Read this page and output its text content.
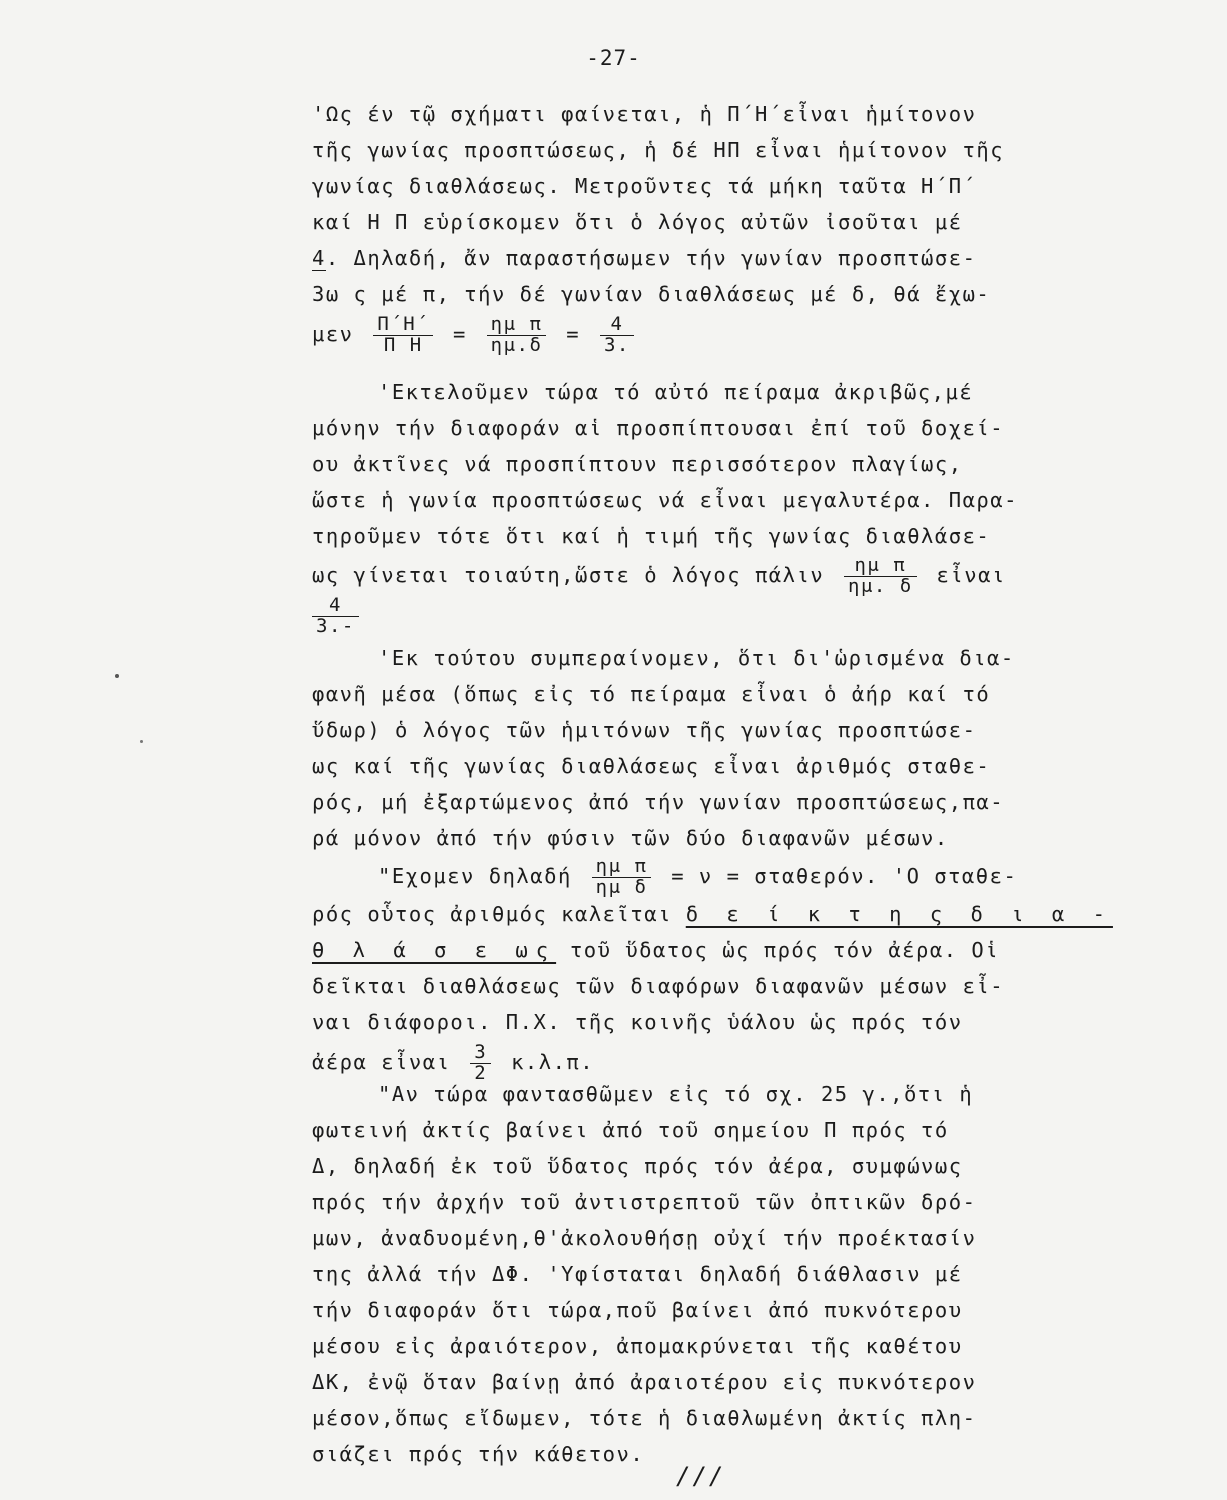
-27-
'Ως έν τῷ σχήματι φαίνεται, ἡ Π΄Η΄εἶναι ἡμίτονον
τῆς γωνίας προσπτώσεως, ἡ δέ ΗΠ εἶναι ἡμίτονον τῆς
γωνίας διαθλάσεως. Μετροῦντες τά μήκη ταῦτα Η΄Π΄
καί Η Π εὑρίσκομεν ὅτι ὁ λόγος αὐτῶν ἰσοῦται μέ
4. Δηλαδή, ἄν παραστήσωμεν τήν γωνίαν προσπτώσε-
3ω ς μέ π, τήν δέ γωνίαν διαθλάσεως μέ δ, θά ἔχω-
μεν $\frac{\Pi΄H΄}{\text{Π Η}} = \frac{\text{ημ π}}{\eta\mu.\delta} = \frac{4}{3.}$
'Εκτελοῦμεν τώρα τό αὐτό πείραμα ἀκριβῶς,μέ
μόνην τήν διαφοράν αἱ προσπίπτουσαι ἐπί τοῦ δοχεί-
ου ἀκτῖνες νά προσπίπτουν περισσότερον πλαγίως,
ὥστε ἡ γωνία προσπτώσεως νά εἶναι μεγαλυτέρα. Παρα-
τηροῦμεν τότε ὅτι καί ἡ τιμή τῆς γωνίας διαθλάσε-
ως γίνεται τοιαύτη,ὥστε ὁ λόγος πάλιν $\frac{\text{ημ π}}{\eta\mu. \delta}$ εἶναι
$\frac{4}{3.-}$
'Εκ τούτου συμπεραίνομεν, ὅτι δι'ὡρισμένα δια-
φανῆ μέσα (ὅπως εἰς τό πείραμα εἶναι ὁ ἀήρ καί τό
ὕδωρ) ὁ λόγος τῶν ἡμιτόνων τῆς γωνίας προσπτώσε-
ως καί τῆς γωνίας διαθλάσεως εἶναι ἀριθμός σταθε-
ρός, μή ἐξαρτώμενος ἀπό τήν γωνίαν προσπτώσεως,πα-
ρά μόνον ἀπό τήν φύσιν τῶν δύο διαφανῶν μέσων.
"Εχομεν δηλαδή $\frac{\text{ημ π}}{\text{ημ δ}} = \nu = \sigma\tau\alpha\theta\varepsilon\rho ό\nu$. 'Ο σταθε-
ρός οὗτος ἀριθμός καλεῖται δ ε ί κ τ η ς δ ι α -
θ λ ά σ ε ως τοῦ ὕδατος ὡς πρός τόν ἀέρα. Οἱ
δεῖκται διαθλάσεως τῶν διαφόρων διαφανῶν μέσων εἶ-
ναι διάφοροι. Π.Χ. τῆς κοινῆς ὑάλου ὡς πρός τόν
ἀέρα εἶναι $\frac{3}{2} \kappa.\lambda.\pi$.
"Αν τώρα φαντασθῶμεν εἰς τό σχ. 25 γ.,ὅτι ἡ
φωτεινή ἀκτίς βαίνει ἀπό τοῦ σημείου Π πρός τό
Δ, δηλαδή ἐκ τοῦ ὕδατος πρός τόν ἀέρα, συμφώνως
πρός τήν ἀρχήν τοῦ ἀντιστρεπτοῦ τῶν ὀπτικῶν δρό-
μων, ἀναδυομένη,θ'ἀκολουθήσῃ οὐχί τήν προέκτασίν
της ἀλλά τήν ΔΦ. 'Υφίσταται δηλαδή διάθλασιν μέ
τήν διαφοράν ὅτι τώρα,ποῦ βαίνει ἀπό πυκνότερου
μέσου εἰς ἀραιότερον, ἀπομακρύνεται τῆς καθέτου
ΔΚ, ἐνῷ ὅταν βαίνῃ ἀπό ἀραιοτέρου εἰς πυκνότερον
μέσον,ὅπως εἴδωμεν, τότε ἡ διαθλωμένη ἀκτίς πλη-
σιάζει πρός τήν κάθετον.
///
